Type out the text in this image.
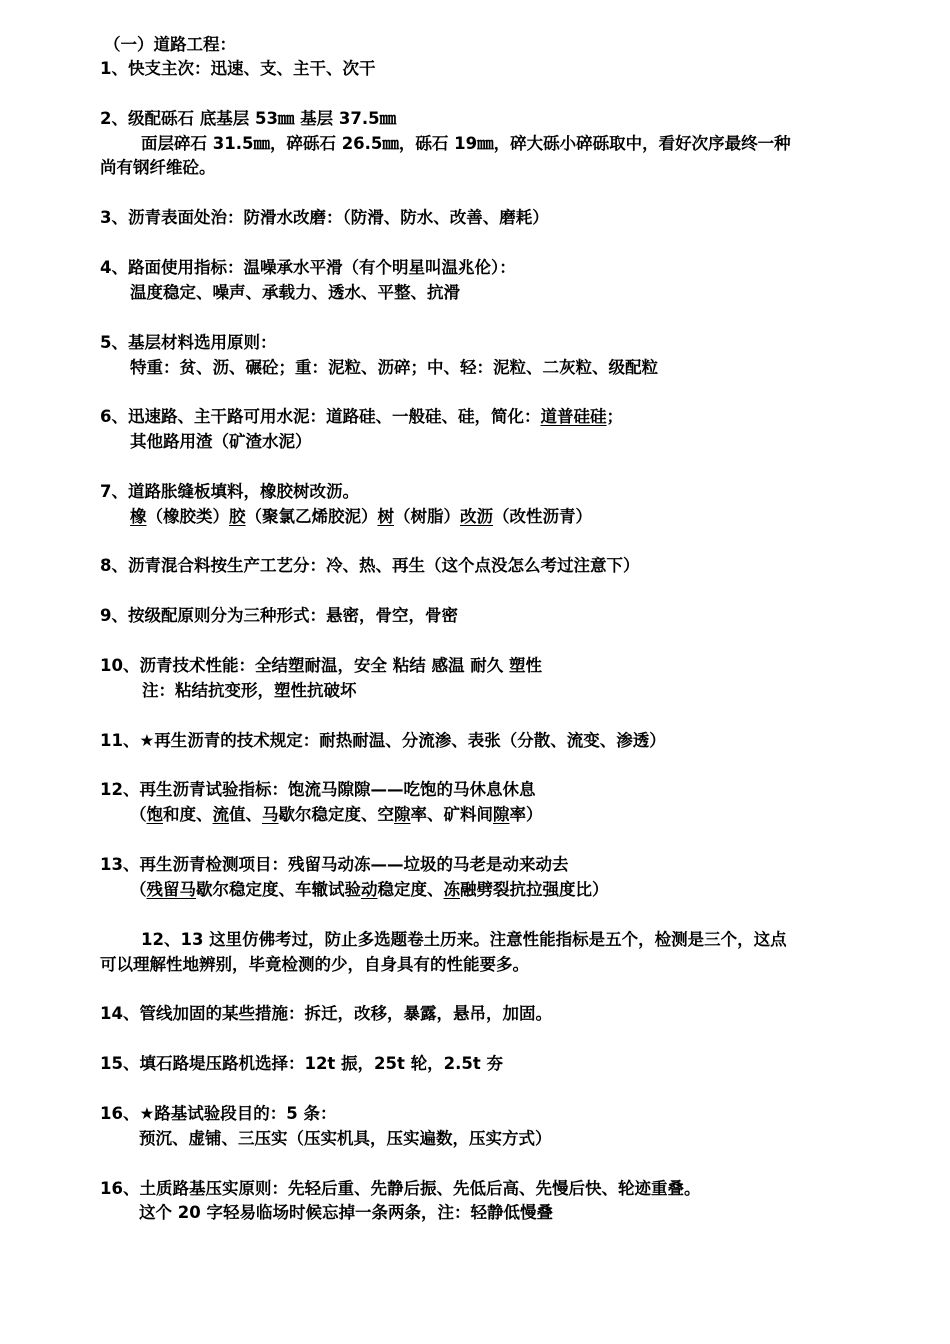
（一）道路工程：
1、快支主次：迅速、支、主干、次干
2、级配砾石 底基层 53㎜ 基层 37.5㎜
面层碎石 31.5㎜，碎砾石 26.5㎜，砾石 19㎜，碎大砾小碎砾取中，看好次序最终一种
尚有钢纤维砼。
3、沥青表面处治：防滑水改磨：（防滑、防水、改善、磨耗）
4、路面使用指标：温噪承水平滑（有个明星叫温兆伦）：
温度稳定、噪声、承载力、透水、平整、抗滑
5、基层材料选用原则：
特重：贫、沥、碾砼；重：泥粒、沥碎；中、轻：泥粒、二灰粒、级配粒
6、迅速路、主干路可用水泥：道路硅、一般硅、硅，简化：道普硅硅；
其他路用渣（矿渣水泥）
7、道路胀缝板填料，橡胶树改沥。
橡（橡胶类）胶（聚氯乙烯胶泥）树（树脂）改沥（改性沥青）
8、沥青混合料按生产工艺分：冷、热、再生（这个点没怎么考过注意下）
9、按级配原则分为三种形式：悬密，骨空，骨密
10、沥青技术性能：全结塑耐温，安全 粘结 感温 耐久 塑性
注：粘结抗变形，塑性抗破坏
11、★再生沥青的技术规定：耐热耐温、分流渗、表张（分散、流变、渗透）
12、再生沥青试验指标：饱流马隙隙——吃饱的马休息休息
（饱和度、流值、马歇尔稳定度、空隙率、矿料间隙率）
13、再生沥青检测项目：残留马动冻——垃圾的马老是动来动去
（残留马歇尔稳定度、车辙试验动稳定度、冻融劈裂抗拉强度比）
12、13 这里仿佛考过，防止多选题卷土历来。注意性能指标是五个，检测是三个，这点
可以理解性地辨别，毕竟检测的少，自身具有的性能要多。
14、管线加固的某些措施：拆迁，改移，暴露，悬吊，加固。
15、填石路堤压路机选择：12t 振，25t 轮，2.5t 夯
16、★路基试验段目的：5 条：
预沉、虚铺、三压实（压实机具，压实遍数，压实方式）
16、土质路基压实原则：先轻后重、先静后振、先低后高、先慢后快、轮迹重叠。
这个 20 字轻易临场时候忘掉一条两条，注：轻静低慢叠
